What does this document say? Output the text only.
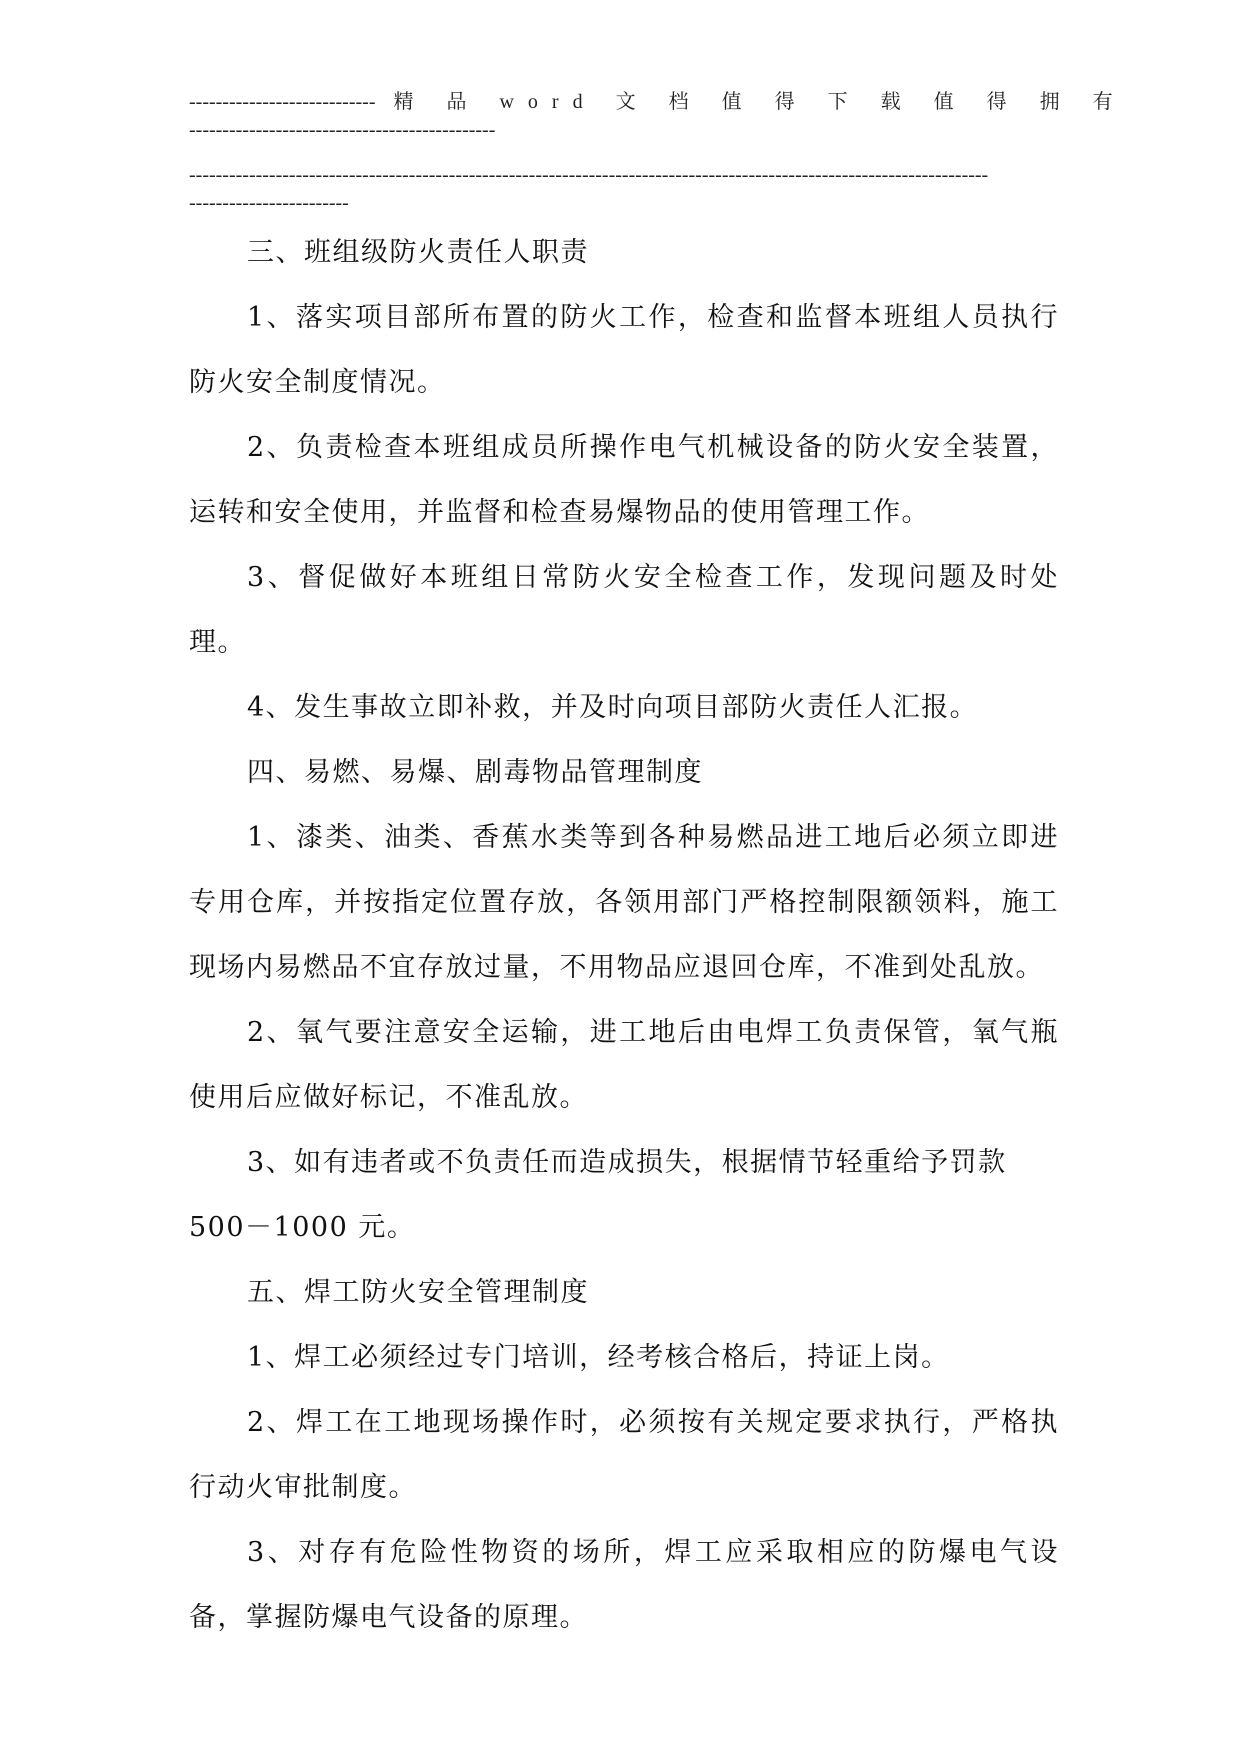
---------------------------- 精 品 word 文 档 值 得 下 载 值 得 拥 有
----------------------------------------------
------------------------------------------------------------------------------------------------------------------------
------------------------

三、班组级防火责任人职责

1、落实项目部所布置的防火工作，检查和监督本班组人员执行防火安全制度情况。

2、负责检查本班组成员所操作电气机械设备的防火安全装置，运转和安全使用，并监督和检查易爆物品的使用管理工作。

3、督促做好本班组日常防火安全检查工作，发现问题及时处理。

4、发生事故立即补救，并及时向项目部防火责任人汇报。

四、易燃、易爆、剧毒物品管理制度

1、漆类、油类、香蕉水类等到各种易燃品进工地后必须立即进专用仓库，并按指定位置存放，各领用部门严格控制限额领料，施工现场内易燃品不宜存放过量，不用物品应退回仓库，不准到处乱放。

2、氧气要注意安全运输，进工地后由电焊工负责保管，氧气瓶使用后应做好标记，不准乱放。

3、如有违者或不负责任而造成损失，根据情节轻重给予罚款

500－1000 元。

五、焊工防火安全管理制度

1、焊工必须经过专门培训，经考核合格后，持证上岗。

2、焊工在工地现场操作时，必须按有关规定要求执行，严格执行动火审批制度。

3、对存有危险性物资的场所，焊工应采取相应的防爆电气设备，掌握防爆电气设备的原理。
